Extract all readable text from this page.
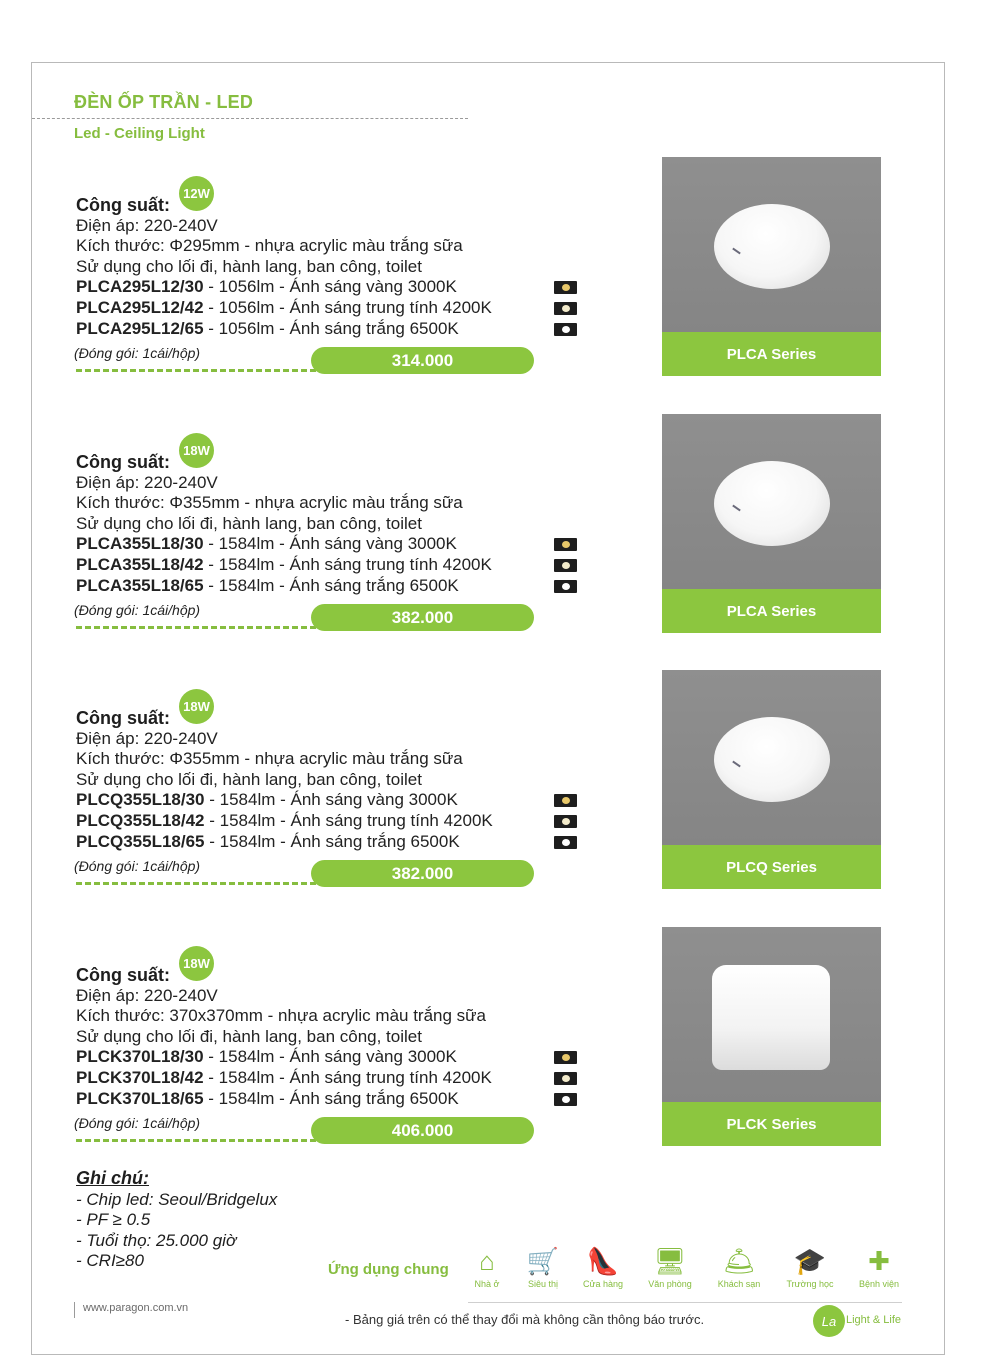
ĐÈN ỐP TRẦN - LED
Led - Ceiling Light
Công suất:
12W
Điện áp: 220-240V
Kích thước: Φ295mm - nhựa acrylic màu trắng sữa
Sử dụng cho lối đi, hành lang, ban công, toilet
PLCA295L12/30 - 1056lm - Ánh sáng vàng 3000K
PLCA295L12/42 - 1056lm - Ánh sáng trung tính 4200K
PLCA295L12/65 - 1056lm - Ánh sáng trắng 6500K
(Đóng gói: 1cái/hộp)	314.000	PLCA Series
Công suất:
18W
Điện áp: 220-240V
Kích thước: Φ355mm - nhựa acrylic màu trắng sữa
Sử dụng cho lối đi, hành lang, ban công, toilet
PLCA355L18/30 - 1584lm - Ánh sáng vàng 3000K
PLCA355L18/42 - 1584lm - Ánh sáng trung tính 4200K
PLCA355L18/65 - 1584lm - Ánh sáng trắng 6500K
(Đóng gói: 1cái/hộp)	382.000	PLCA Series
Công suất:
18W
Điện áp: 220-240V
Kích thước: Φ355mm - nhựa acrylic màu trắng sữa
Sử dụng cho lối đi, hành lang, ban công, toilet
PLCQ355L18/30 - 1584lm - Ánh sáng vàng 3000K
PLCQ355L18/42 - 1584lm - Ánh sáng trung tính 4200K
PLCQ355L18/65 - 1584lm - Ánh sáng trắng 6500K
(Đóng gói: 1cái/hộp)	382.000	PLCQ Series
Công suất:
18W
Điện áp: 220-240V
Kích thước: 370x370mm - nhựa acrylic màu trắng sữa
Sử dụng cho lối đi, hành lang, ban công, toilet
PLCK370L18/30 - 1584lm - Ánh sáng vàng 3000K
PLCK370L18/42 - 1584lm - Ánh sáng trung tính 4200K
PLCK370L18/65 - 1584lm - Ánh sáng trắng 6500K
(Đóng gói: 1cái/hộp)	406.000	PLCK Series
Ghi chú:
- Chip led: Seoul/Bridgelux
- PF ≥ 0.5
- Tuổi thọ: 25.000 giờ
- CRI≥80	Ứng dụng chung	⌂
Nhà ở
🛒
Siêu thị
👠
Cửa hàng
🖥
Văn phòng
🛎
Khách sạn
🎓
Trường học
✚
Bệnh viện
www.paragon.com.vn
- Bảng giá trên có thể thay đổi mà không cần thông báo trước.	La Light & Life
